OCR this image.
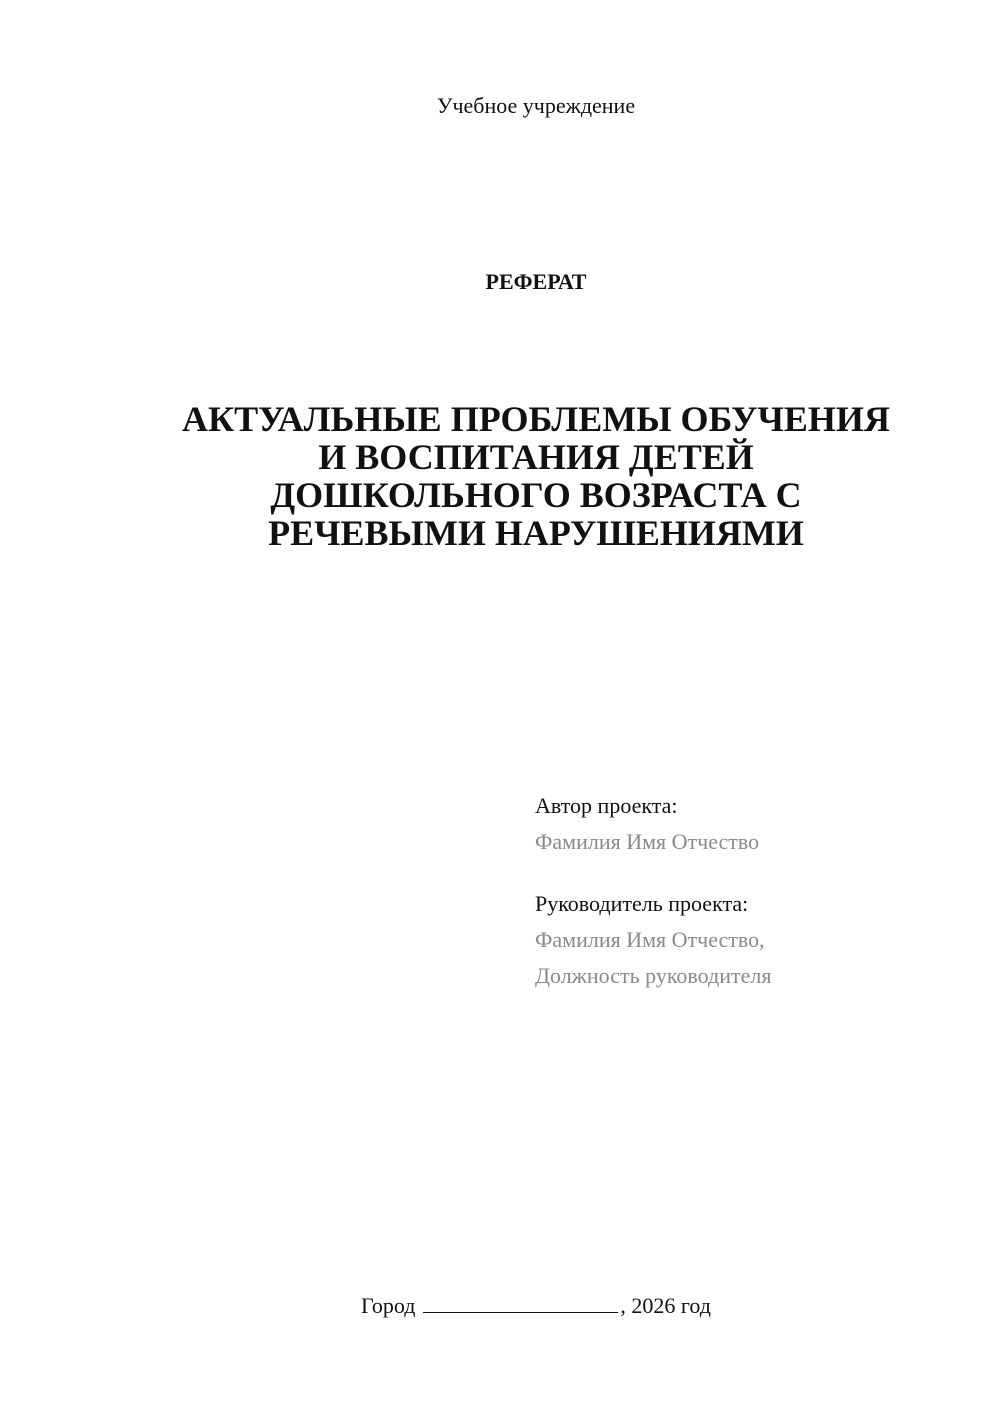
Учебное учреждение
РЕФЕРАТ
АКТУАЛЬНЫЕ ПРОБЛЕМЫ ОБУЧЕНИЯ
И ВОСПИТАНИЯ ДЕТЕЙ
ДОШКОЛЬНОГО ВОЗРАСТА С
РЕЧЕВЫМИ НАРУШЕНИЯМИ
Автор проекта:
Фамилия Имя Отчество
Руководитель проекта:
Фамилия Имя Отчество,
Должность руководителя
Город	, 2026 год
